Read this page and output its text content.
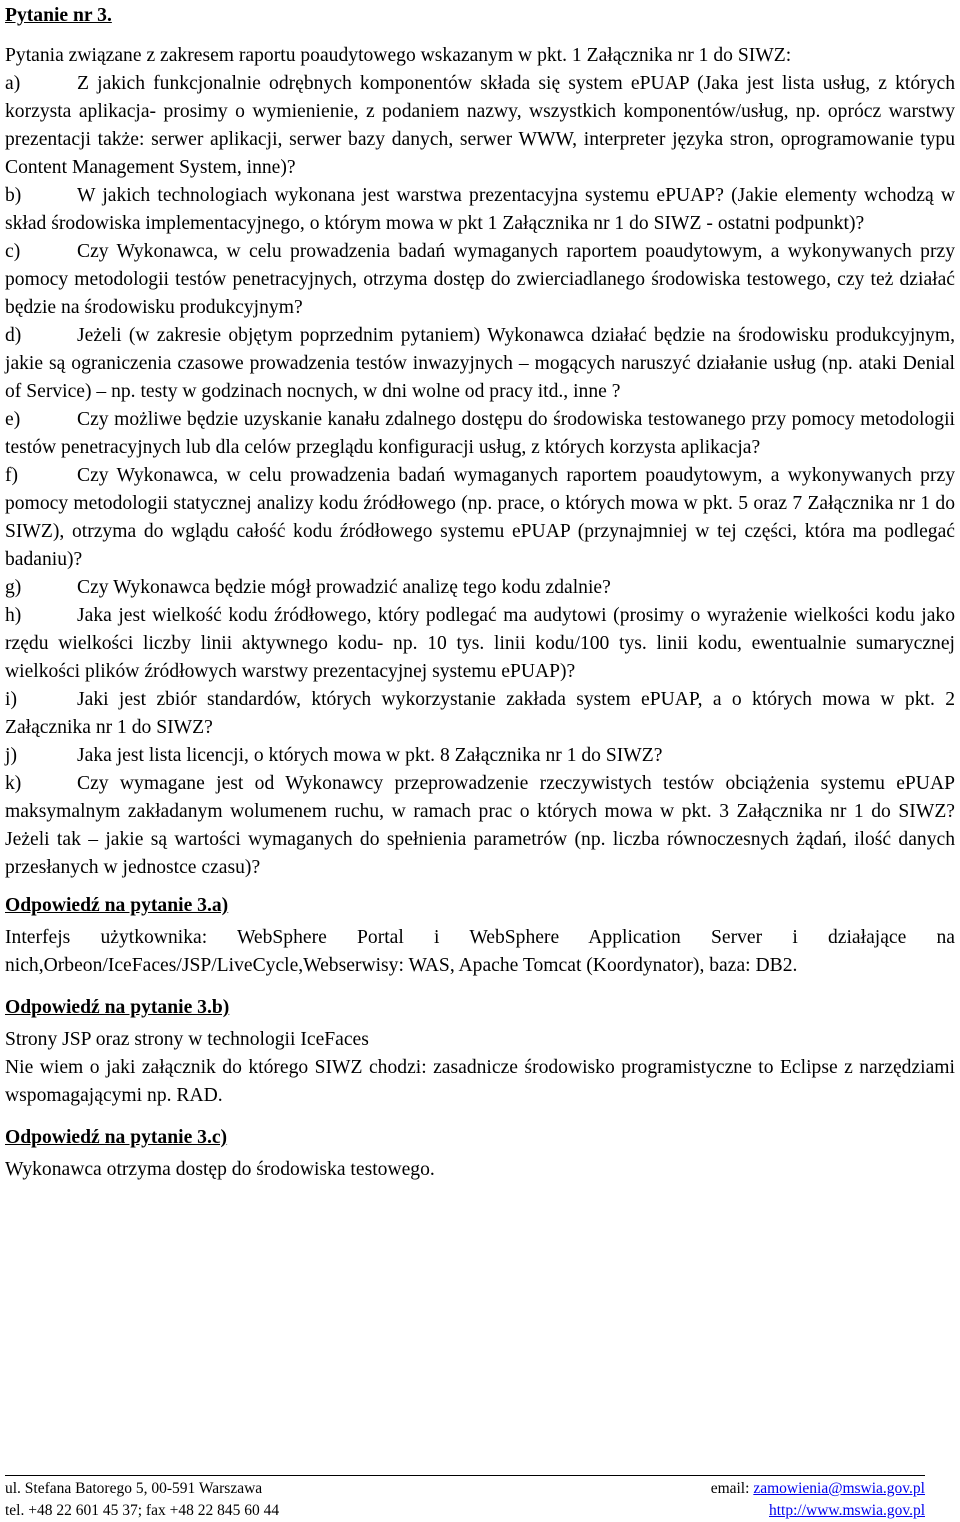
Pytanie nr 3.
Pytania związane z zakresem raportu poaudytowego wskazanym w pkt. 1 Załącznika nr 1 do SIWZ:
a)	Z jakich funkcjonalnie odrębnych komponentów składa się system ePUAP (Jaka jest lista usług, z których korzysta aplikacja- prosimy o wymienienie, z podaniem nazwy, wszystkich komponentów/usług, np. oprócz warstwy prezentacji także: serwer aplikacji, serwer bazy danych, serwer WWW, interpreter języka stron, oprogramowanie typu Content Management System, inne)?
b)	W jakich technologiach wykonana jest warstwa prezentacyjna systemu ePUAP? (Jakie elementy wchodzą w skład środowiska implementacyjnego, o którym mowa w pkt 1 Załącznika nr 1 do SIWZ - ostatni podpunkt)?
c)	Czy Wykonawca, w celu prowadzenia badań wymaganych raportem poaudytowym, a wykonywanych przy pomocy metodologii testów penetracyjnych, otrzyma dostęp do zwierciadlanego środowiska testowego, czy też działać będzie na środowisku produkcyjnym?
d)	Jeżeli (w zakresie objętym poprzednim pytaniem) Wykonawca działać będzie na środowisku produkcyjnym, jakie są ograniczenia czasowe prowadzenia testów inwazyjnych – mogących naruszyć działanie usług (np. ataki Denial of Service) – np. testy w godzinach nocnych, w dni wolne od pracy itd., inne ?
e)	Czy możliwe będzie uzyskanie kanału zdalnego dostępu do środowiska testowanego przy pomocy metodologii testów penetracyjnych lub dla celów przeglądu konfiguracji usług, z których korzysta aplikacja?
f)	Czy Wykonawca, w celu prowadzenia badań wymaganych raportem poaudytowym, a wykonywanych przy pomocy metodologii statycznej analizy kodu źródłowego (np. prace, o których mowa w pkt. 5 oraz 7 Załącznika nr 1 do SIWZ), otrzyma do wglądu całość kodu źródłowego systemu ePUAP (przynajmniej w tej części, która ma podlegać badaniu)?
g)	Czy Wykonawca będzie mógł prowadzić analizę tego kodu zdalnie?
h)	Jaka jest wielkość kodu źródłowego, który podlegać ma audytowi (prosimy o wyrażenie wielkości kodu jako rzędu wielkości liczby linii aktywnego kodu- np. 10 tys. linii kodu/100 tys. linii kodu, ewentualnie sumarycznej wielkości plików źródłowych warstwy prezentacyjnej systemu ePUAP)?
i)	Jaki jest zbiór standardów, których wykorzystanie zakłada system ePUAP, a o których mowa w pkt. 2 Załącznika nr 1 do SIWZ?
j)	Jaka jest lista licencji, o których mowa w pkt. 8 Załącznika nr 1 do SIWZ?
k)	Czy wymagane jest od Wykonawcy przeprowadzenie rzeczywistych testów obciążenia systemu ePUAP maksymalnym zakładanym wolumenem ruchu, w ramach prac o których mowa w pkt. 3 Załącznika nr 1 do SIWZ? Jeżeli tak – jakie są wartości wymaganych do spełnienia parametrów (np. liczba równoczesnych żądań, ilość danych przesłanych w jednostce czasu)?
Odpowiedź na pytanie 3.a)
Interfejs użytkownika: WebSphere Portal i WebSphere Application Server i działające na nich,Orbeon/IceFaces/JSP/LiveCycle,Webserwisy: WAS, Apache Tomcat (Koordynator), baza: DB2.
Odpowiedź na pytanie 3.b)
Strony JSP oraz strony w technologii IceFaces
Nie wiem o jaki załącznik do którego SIWZ chodzi: zasadnicze środowisko programistyczne to Eclipse z narzędziami wspomagającymi np. RAD.
Odpowiedź na pytanie 3.c)
Wykonawca otrzyma dostęp do środowiska testowego.
ul. Stefana Batorego 5, 00-591 Warszawa	email: zamowienia@mswia.gov.pl
tel. +48 22 601 45 37; fax +48 22 845 60 44	http://www.mswia.gov.pl
